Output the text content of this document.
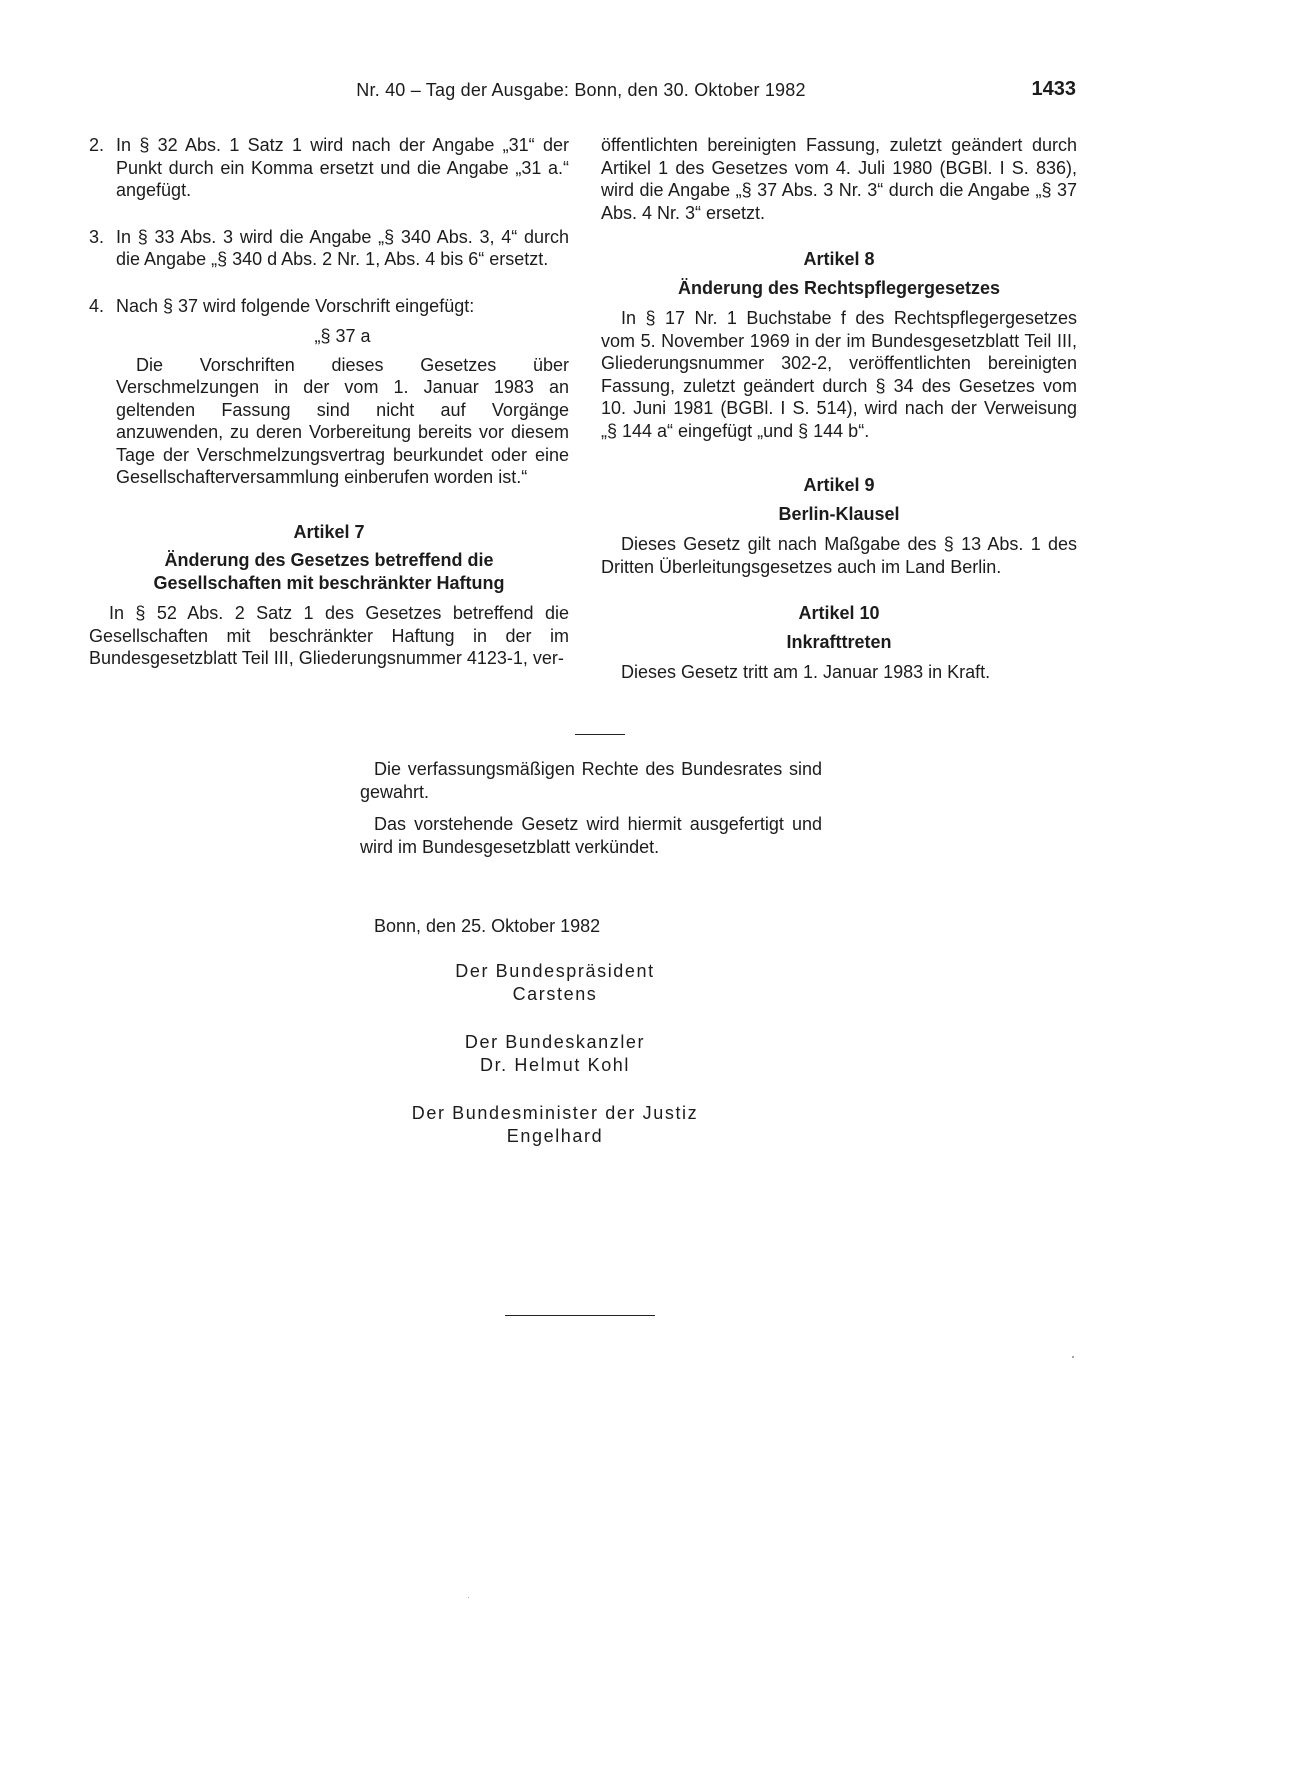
Nr. 40 – Tag der Ausgabe: Bonn, den 30. Oktober 1982	1433
2. In § 32 Abs. 1 Satz 1 wird nach der Angabe „31“ der Punkt durch ein Komma ersetzt und die Angabe „31 a.“ angefügt.

3. In § 33 Abs. 3 wird die Angabe „§ 340 Abs. 3, 4“ durch die Angabe „§ 340 d Abs. 2 Nr. 1, Abs. 4 bis 6“ ersetzt.

4. Nach § 37 wird folgende Vorschrift eingefügt:

„§ 37 a

Die Vorschriften dieses Gesetzes über Verschmelzungen in der vom 1. Januar 1983 an geltenden Fassung sind nicht auf Vorgänge anzuwenden, zu deren Vorbereitung bereits vor diesem Tage der Verschmelzungsvertrag beurkundet oder eine Gesellschafterversammlung einberufen worden ist.“

Artikel 7

Änderung des Gesetzes betreffend die
Gesellschaften mit beschränkter Haftung

In § 52 Abs. 2 Satz 1 des Gesetzes betreffend die Gesellschaften mit beschränkter Haftung in der im Bundesgesetzblatt Teil III, Gliederungsnummer 4123-1, ver-

öffentlichten bereinigten Fassung, zuletzt geändert durch Artikel 1 des Gesetzes vom 4. Juli 1980 (BGBl. I S. 836), wird die Angabe „§ 37 Abs. 3 Nr. 3“ durch die Angabe „§ 37 Abs. 4 Nr. 3“ ersetzt.

Artikel 8

Änderung des Rechtspflegergesetzes

In § 17 Nr. 1 Buchstabe f des Rechtspflegergesetzes vom 5. November 1969 in der im Bundesgesetzblatt Teil III, Gliederungsnummer 302-2, veröffentlichten bereinigten Fassung, zuletzt geändert durch § 34 des Gesetzes vom 10. Juni 1981 (BGBl. I S. 514), wird nach der Verweisung „§ 144 a“ eingefügt „und § 144 b“.

Artikel 9

Berlin-Klausel

Dieses Gesetz gilt nach Maßgabe des § 13 Abs. 1 des Dritten Überleitungsgesetzes auch im Land Berlin.

Artikel 10

Inkrafttreten

Dieses Gesetz tritt am 1. Januar 1983 in Kraft.

Die verfassungsmäßigen Rechte des Bundesrates sind gewahrt.

Das vorstehende Gesetz wird hiermit ausgefertigt und wird im Bundesgesetzblatt verkündet.

Bonn, den 25. Oktober 1982
Der Bundespräsident
Carstens
Der Bundeskanzler
Dr. Helmut Kohl
Der Bundesminister der Justiz
Engelhard
